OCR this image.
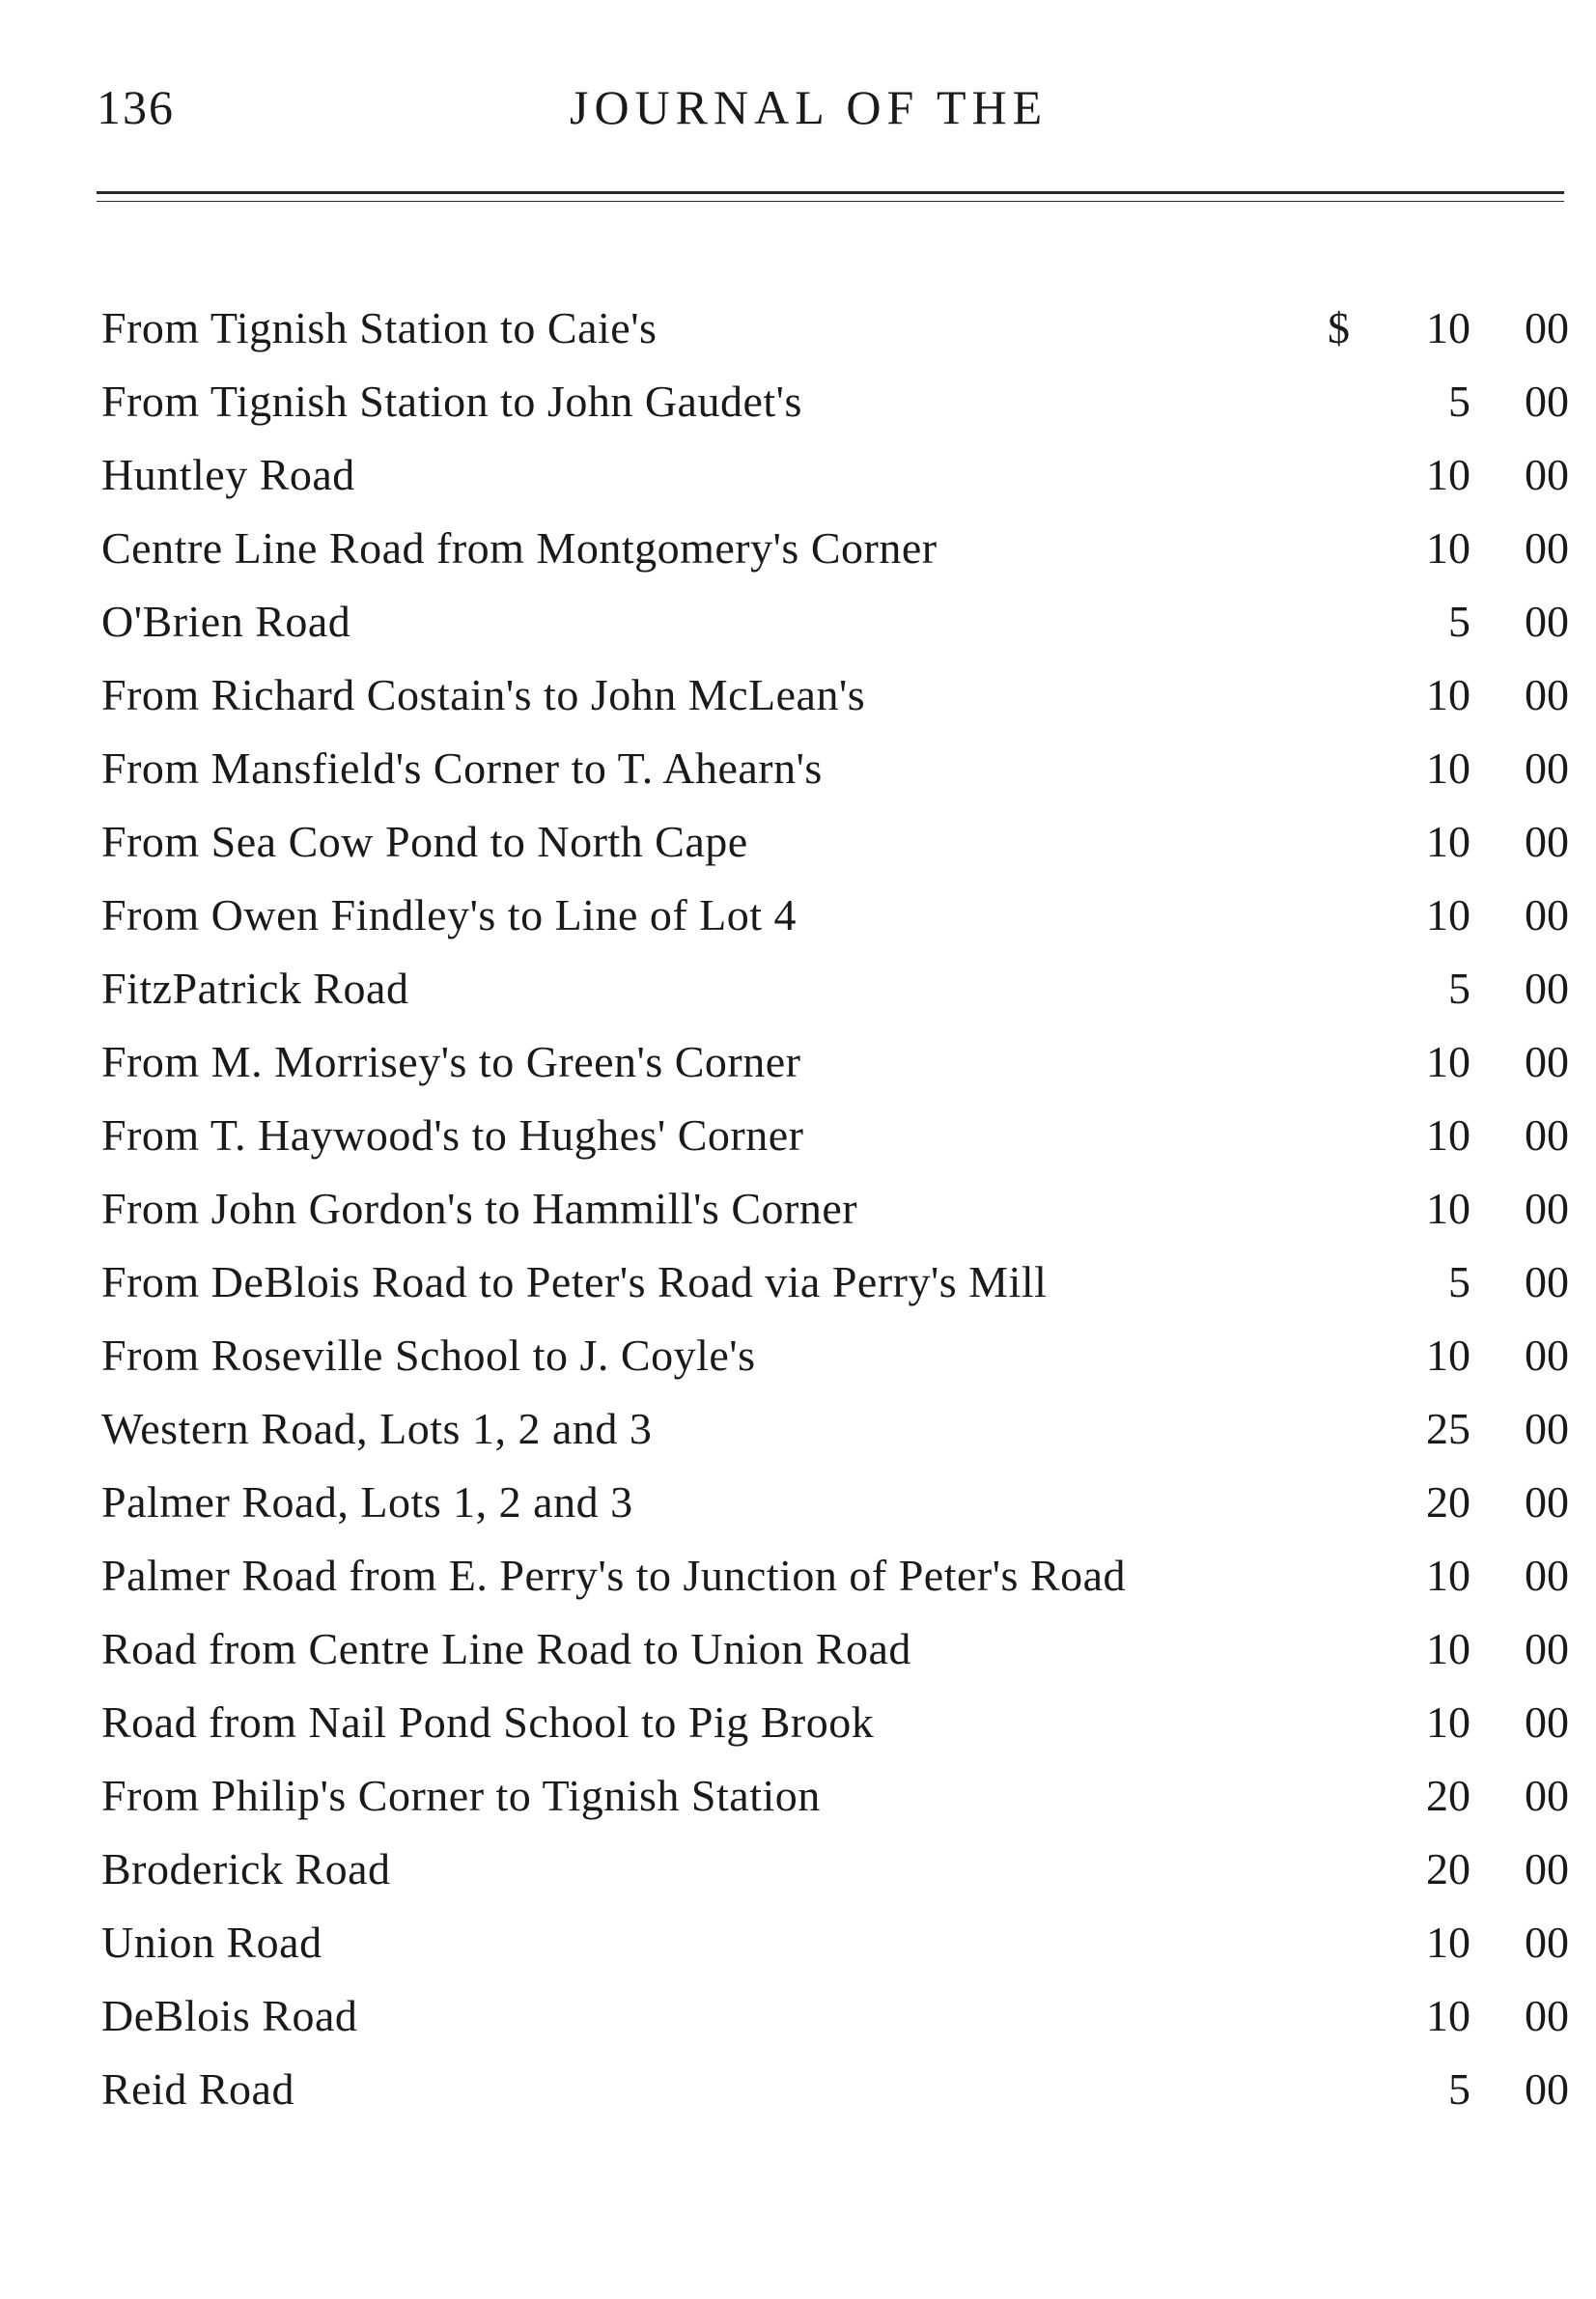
136	JOURNAL OF THE
From Tignish Station to Caie's	$ 10 00
From Tignish Station to John Gaudet's	5 00
Huntley Road	10 00
Centre Line Road from Montgomery's Corner	10 00
O'Brien Road	5 00
From Richard Costain's to John McLean's	10 00
From Mansfield's Corner to T. Ahearn's	10 00
From Sea Cow Pond to North Cape	10 00
From Owen Findley's to Line of Lot 4	10 00
FitzPatrick Road	5 00
From M. Morrisey's to Green's Corner	10 00
From T. Haywood's to Hughes' Corner	10 00
From John Gordon's to Hammill's Corner	10 00
From DeBlois Road to Peter's Road via Perry's Mill	5 00
From Roseville School to J. Coyle's	10 00
Western Road, Lots 1, 2 and 3	25 00
Palmer Road, Lots 1, 2 and 3	20 00
Palmer Road from E. Perry's to Junction of Peter's Road	10 00
Road from Centre Line Road to Union Road	10 00
Road from Nail Pond School to Pig Brook	10 00
From Philip's Corner to Tignish Station	20 00
Broderick Road	20 00
Union Road	10 00
DeBlois Road	10 00
Reid Road	5 00
